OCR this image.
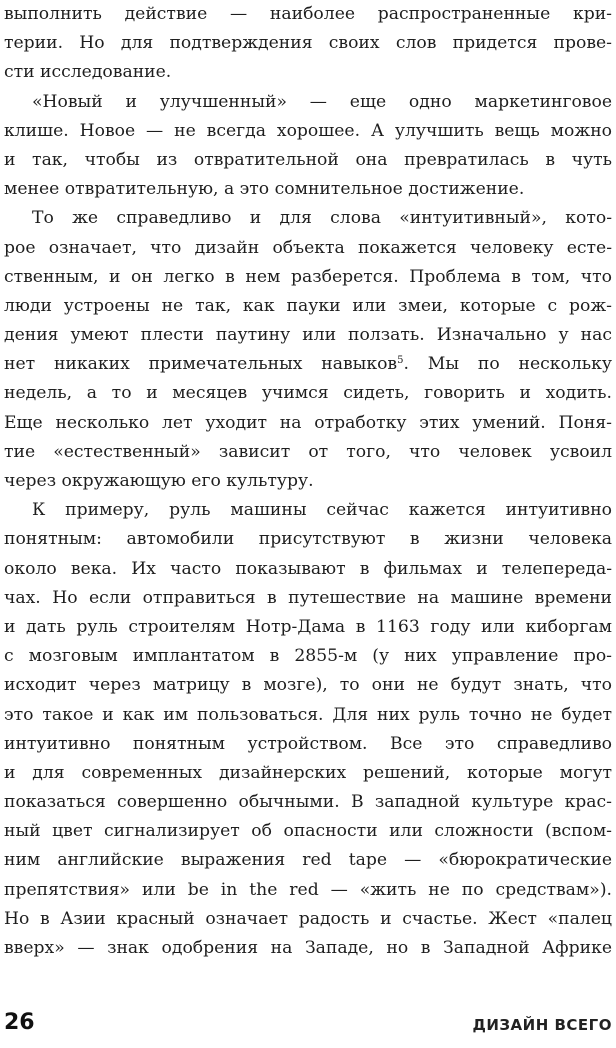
выполнить действие — наиболее распространенные кри-
терии. Но для подтверждения своих слов придется прове-
сти исследование.
«Новый и улучшенный» — еще одно маркетинговое
клише. Новое — не всегда хорошее. А улучшить вещь можно
и так, чтобы из отвратительной она превратилась в чуть
менее отвратительную, а это сомнительное достижение.
То же справедливо и для слова «интуитивный», кото-
рое означает, что дизайн объекта покажется человеку есте-
ственным, и он легко в нем разберется. Проблема в том, что
люди устроены не так, как пауки или змеи, которые с рож-
дения умеют плести паутину или ползать. Изначально у нас
нет никаких примечательных навыков$^5$. Мы по нескольку
недель, а то и месяцев учимся сидеть, говорить и ходить.
Еще несколько лет уходит на отработку этих умений. Поня-
тие «естественный» зависит от того, что человек усвоил
через окружающую его культуру.
К примеру, руль машины сейчас кажется интуитивно
понятным: автомобили присутствуют в жизни человека
около века. Их часто показывают в фильмах и телепереда-
чах. Но если отправиться в путешествие на машине времени
и дать руль строителям Нотр-Дама в 1163 году или киборгам
с мозговым имплантатом в 2855-м (у них управление про-
исходит через матрицу в мозге), то они не будут знать, что
это такое и как им пользоваться. Для них руль точно не будет
интуитивно понятным устройством. Все это справедливо
и для современных дизайнерских решений, которые могут
показаться совершенно обычными. В западной культуре крас-
ный цвет сигнализирует об опасности или сложности (вспом-
ним английские выражения red tape — «бюрократические
препятствия» или be in the red — «жить не по средствам»).
Но в Азии красный означает радость и счастье. Жест «палец
вверх» — знак одобрения на Западе, но в Западной Африке
26	ДИЗАЙН ВСЕГО
